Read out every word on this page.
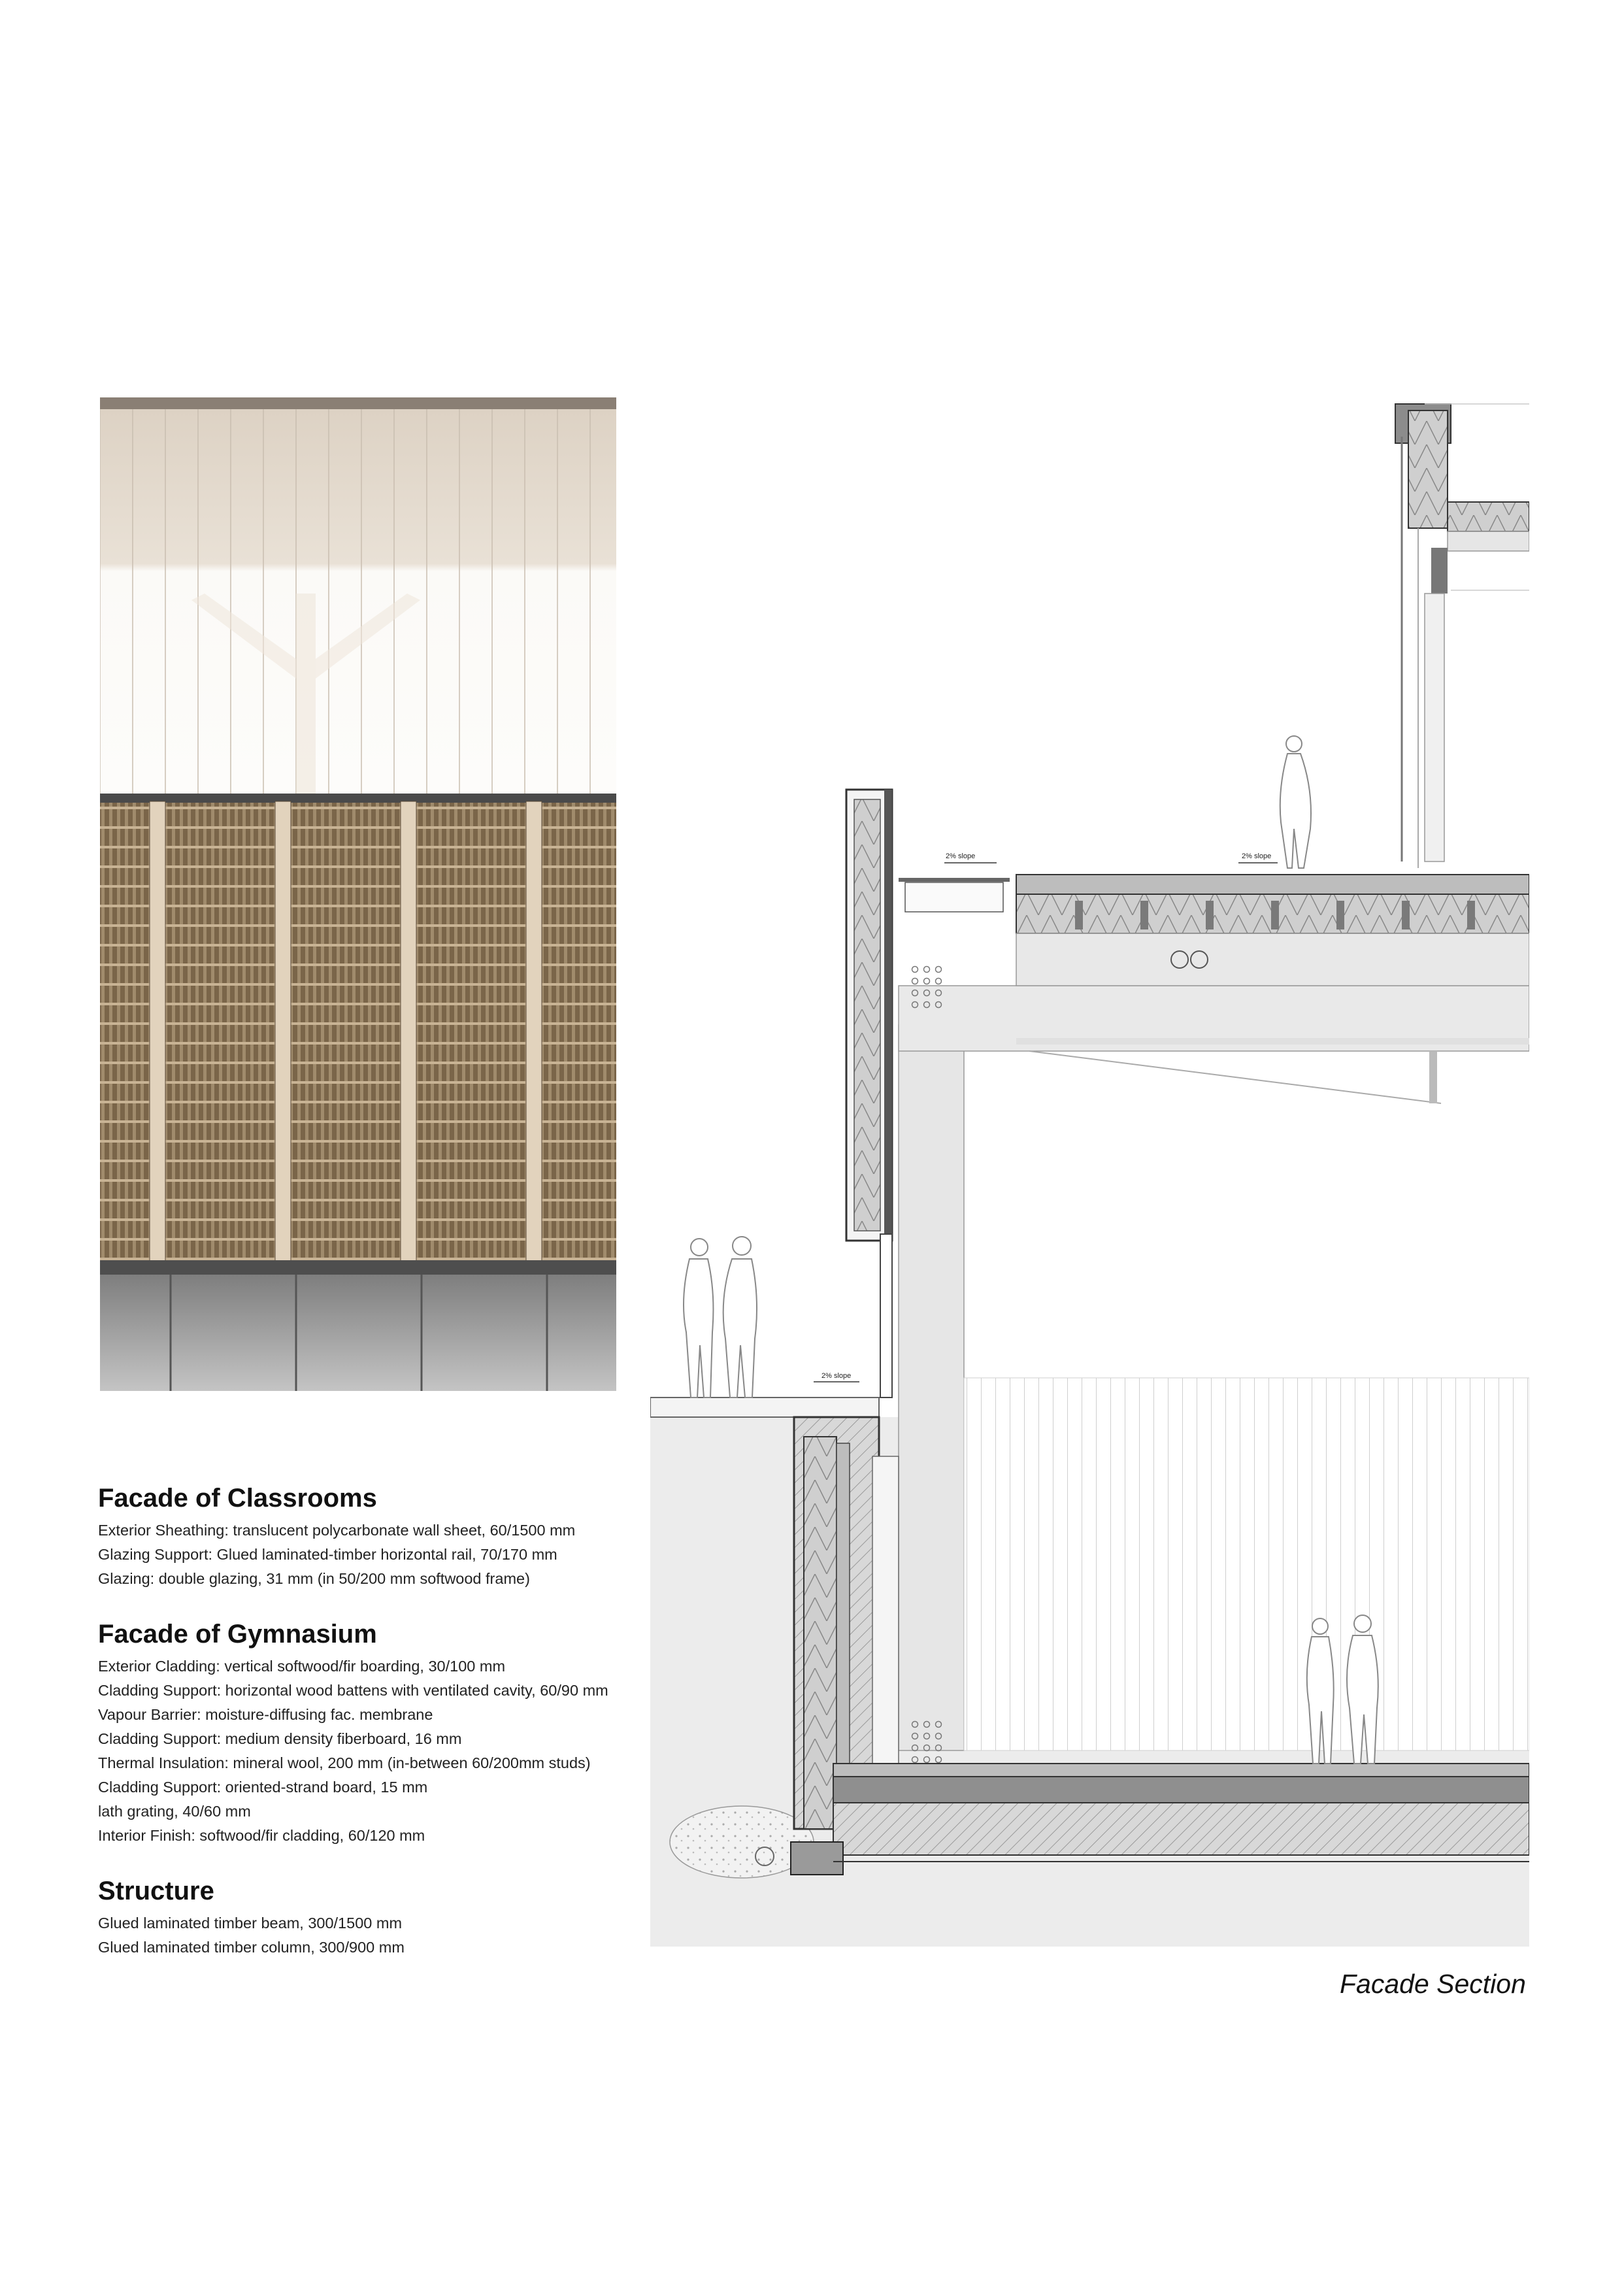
2% slope	2% slope
2% slope
Facade of Classrooms
Exterior Sheathing: translucent polycarbonate wall sheet, 60/1500 mm
Glazing Support: Glued laminated-timber horizontal rail, 70/170 mm
Glazing: double glazing, 31 mm (in 50/200 mm softwood frame)
Facade of Gymnasium
Exterior Cladding: vertical softwood/fir boarding, 30/100 mm
Cladding Support: horizontal wood battens with ventilated cavity, 60/90 mm
Vapour Barrier: moisture-diffusing fac. membrane
Cladding Support: medium density fiberboard, 16 mm
Thermal Insulation: mineral wool, 200 mm (in-between 60/200mm studs)
Cladding Support: oriented-strand board, 15 mm
lath grating, 40/60 mm
Interior Finish: softwood/fir cladding, 60/120 mm
Structure
Glued laminated timber beam, 300/1500 mm
Glued laminated timber column, 300/900 mm
Facade Section
